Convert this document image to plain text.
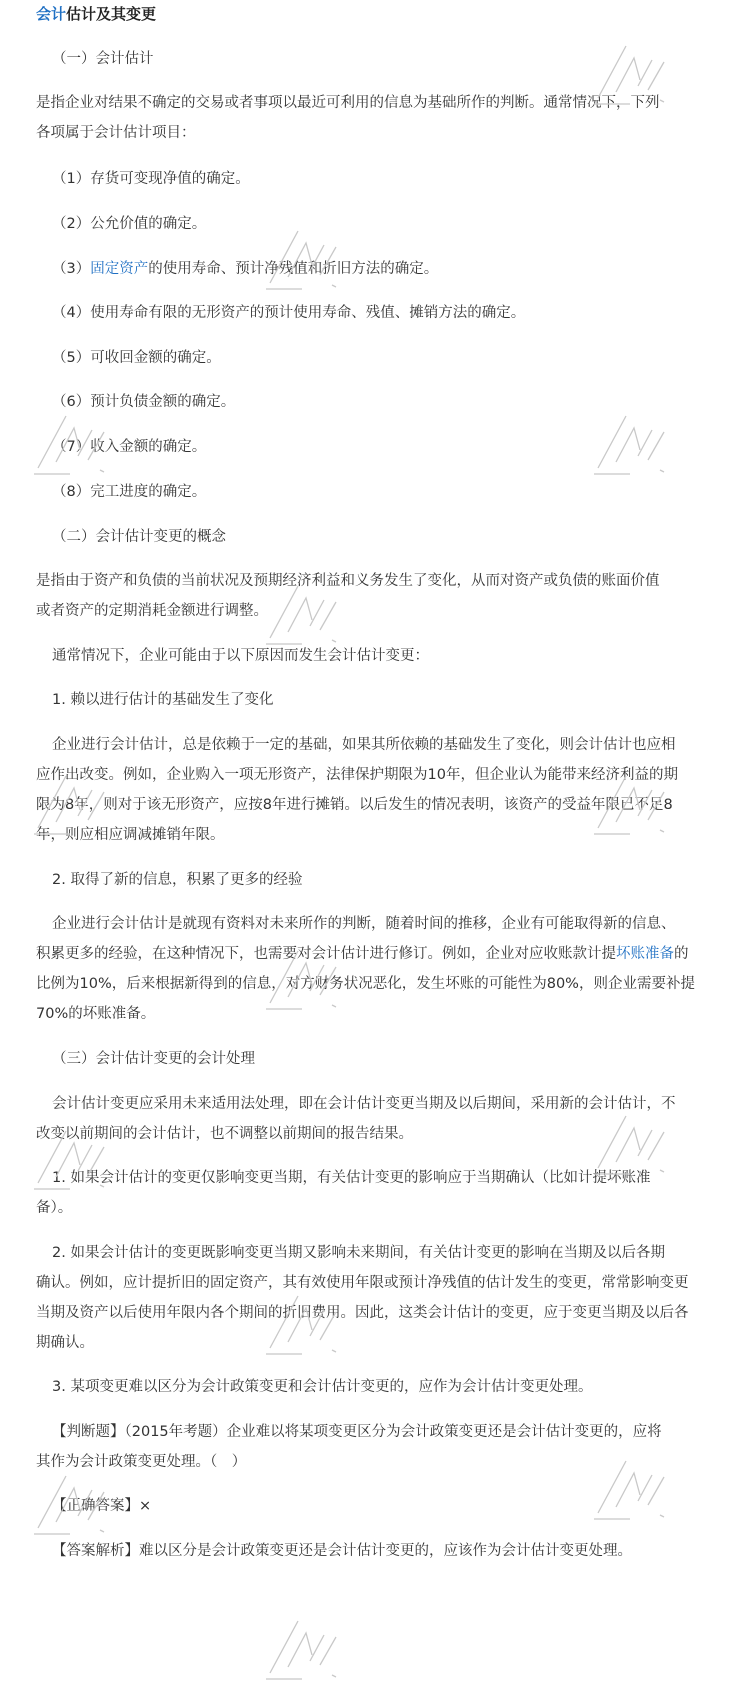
会计估计及其变更
（一）会计估计
是指企业对结果不确定的交易或者事项以最近可利用的信息为基础所作的判断。通常情况下，下列
各项属于会计估计项目：
（1）存货可变现净值的确定。
（2）公允价值的确定。
（3）固定资产的使用寿命、预计净残值和折旧方法的确定。
（4）使用寿命有限的无形资产的预计使用寿命、残值、摊销方法的确定。
（5）可收回金额的确定。
（6）预计负债金额的确定。
（7）收入金额的确定。
（8）完工进度的确定。
（二）会计估计变更的概念
是指由于资产和负债的当前状况及预期经济利益和义务发生了变化，从而对资产或负债的账面价值
或者资产的定期消耗金额进行调整。
通常情况下，企业可能由于以下原因而发生会计估计变更：
1. 赖以进行估计的基础发生了变化
企业进行会计估计，总是依赖于一定的基础，如果其所依赖的基础发生了变化，则会计估计也应相
应作出改变。例如，企业购入一项无形资产，法律保护期限为10年，但企业认为能带来经济利益的期
限为8年，则对于该无形资产，应按8年进行摊销。以后发生的情况表明，该资产的受益年限已不足8
年，则应相应调减摊销年限。
2. 取得了新的信息，积累了更多的经验
企业进行会计估计是就现有资料对未来所作的判断，随着时间的推移，企业有可能取得新的信息、
积累更多的经验，在这种情况下，也需要对会计估计进行修订。例如，企业对应收账款计提坏账准备的
比例为10%，后来根据新得到的信息，对方财务状况恶化，发生坏账的可能性为80%，则企业需要补提
70%的坏账准备。
（三）会计估计变更的会计处理
会计估计变更应采用未来适用法处理，即在会计估计变更当期及以后期间，采用新的会计估计，不
改变以前期间的会计估计，也不调整以前期间的报告结果。
1. 如果会计估计的变更仅影响变更当期，有关估计变更的影响应于当期确认（比如计提坏账准
备）。
2. 如果会计估计的变更既影响变更当期又影响未来期间，有关估计变更的影响在当期及以后各期
确认。例如，应计提折旧的固定资产，其有效使用年限或预计净残值的估计发生的变更，常常影响变更
当期及资产以后使用年限内各个期间的折旧费用。因此，这类会计估计的变更，应于变更当期及以后各
期确认。
3. 某项变更难以区分为会计政策变更和会计估计变更的，应作为会计估计变更处理。
【判断题】（2015年考题）企业难以将某项变更区分为会计政策变更还是会计估计变更的，应将
其作为会计政策变更处理。（　）
【正确答案】×
【答案解析】难以区分是会计政策变更还是会计估计变更的，应该作为会计估计变更处理。
